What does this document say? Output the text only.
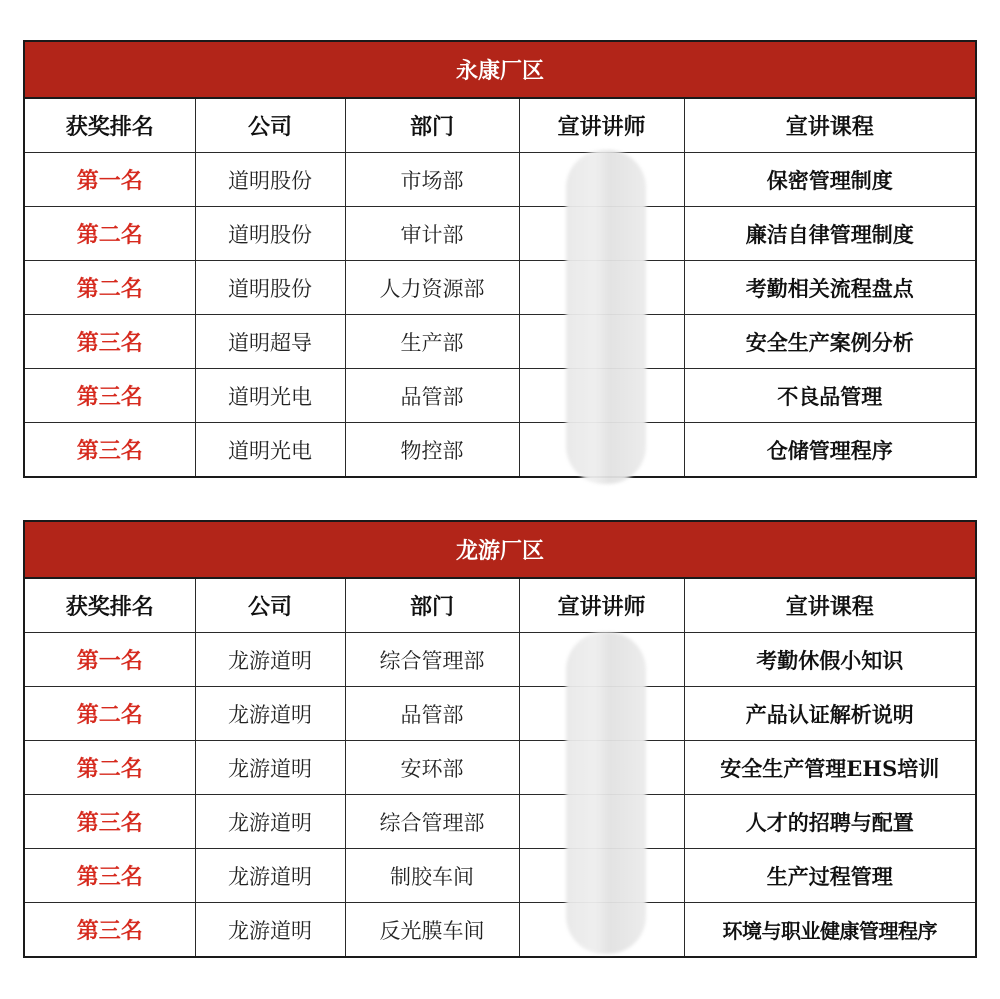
永康厂区				
获奖排名	公司	部门	宣讲讲师	宣讲课程
第一名	道明股份	市场部		保密管理制度
第二名	道明股份	审计部		廉洁自律管理制度
第二名	道明股份	人力资源部		考勤相关流程盘点
第三名	道明超导	生产部		安全生产案例分析
第三名	道明光电	品管部		不良品管理
第三名	道明光电	物控部		仓储管理程序
龙游厂区				
获奖排名	公司	部门	宣讲讲师	宣讲课程
第一名	龙游道明	综合管理部		考勤休假小知识
第二名	龙游道明	品管部		产品认证解析说明
第二名	龙游道明	安环部		安全生产管理EHS培训
第三名	龙游道明	综合管理部		人才的招聘与配置
第三名	龙游道明	制胶车间		生产过程管理
第三名	龙游道明	反光膜车间		环境与职业健康管理程序
